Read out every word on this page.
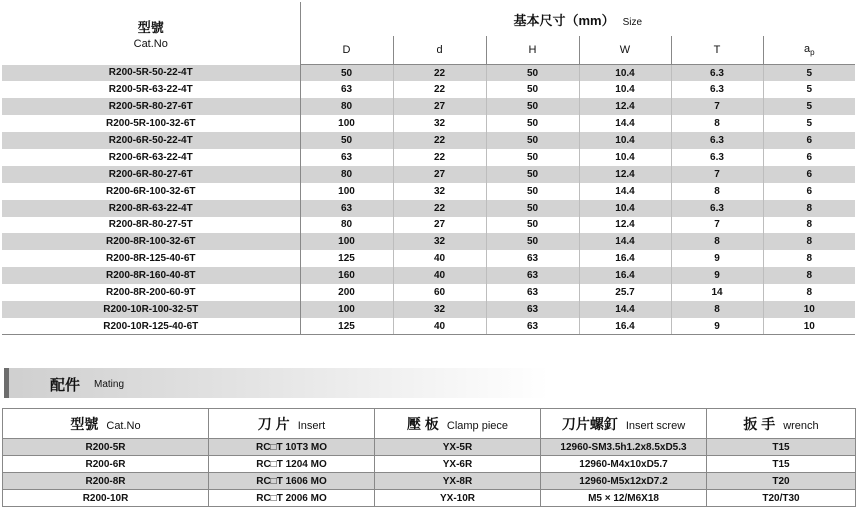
型號
Cat.No	基本尺寸（mm） Size					
	D	d	H	W	T	$a_p$
R200-5R-50-22-4T	50	22	50	10.4	6.3	5
R200-5R-63-22-4T	63	22	50	10.4	6.3	5
R200-5R-80-27-6T	80	27	50	12.4	7	5
R200-5R-100-32-6T	100	32	50	14.4	8	5
R200-6R-50-22-4T	50	22	50	10.4	6.3	6
R200-6R-63-22-4T	63	22	50	10.4	6.3	6
R200-6R-80-27-6T	80	27	50	12.4	7	6
R200-6R-100-32-6T	100	32	50	14.4	8	6
R200-8R-63-22-4T	63	22	50	10.4	6.3	8
R200-8R-80-27-5T	80	27	50	12.4	7	8
R200-8R-100-32-6T	100	32	50	14.4	8	8
R200-8R-125-40-6T	125	40	63	16.4	9	8
R200-8R-160-40-8T	160	40	63	16.4	9	8
R200-8R-200-60-9T	200	60	63	25.7	14	8
R200-10R-100-32-5T	100	32	63	14.4	8	10
R200-10R-125-40-6T	125	40	63	16.4	9	10
配件 Mating
型號 Cat.No	刀 片 Insert	壓 板 Clamp piece	刀片螺釘 Insert screw	扳 手 wrench
R200-5R	RC□T 10T3 MO	YX-5R	12960-SM3.5h1.2x8.5xD5.3	T15
R200-6R	RC□T 1204 MO	YX-6R	12960-M4x10xD5.7	T15
R200-8R	RC□T 1606 MO	YX-8R	12960-M5x12xD7.2	T20
R200-10R	RC□T 2006 MO	YX-10R	M5 × 12/M6X18	T20/T30
